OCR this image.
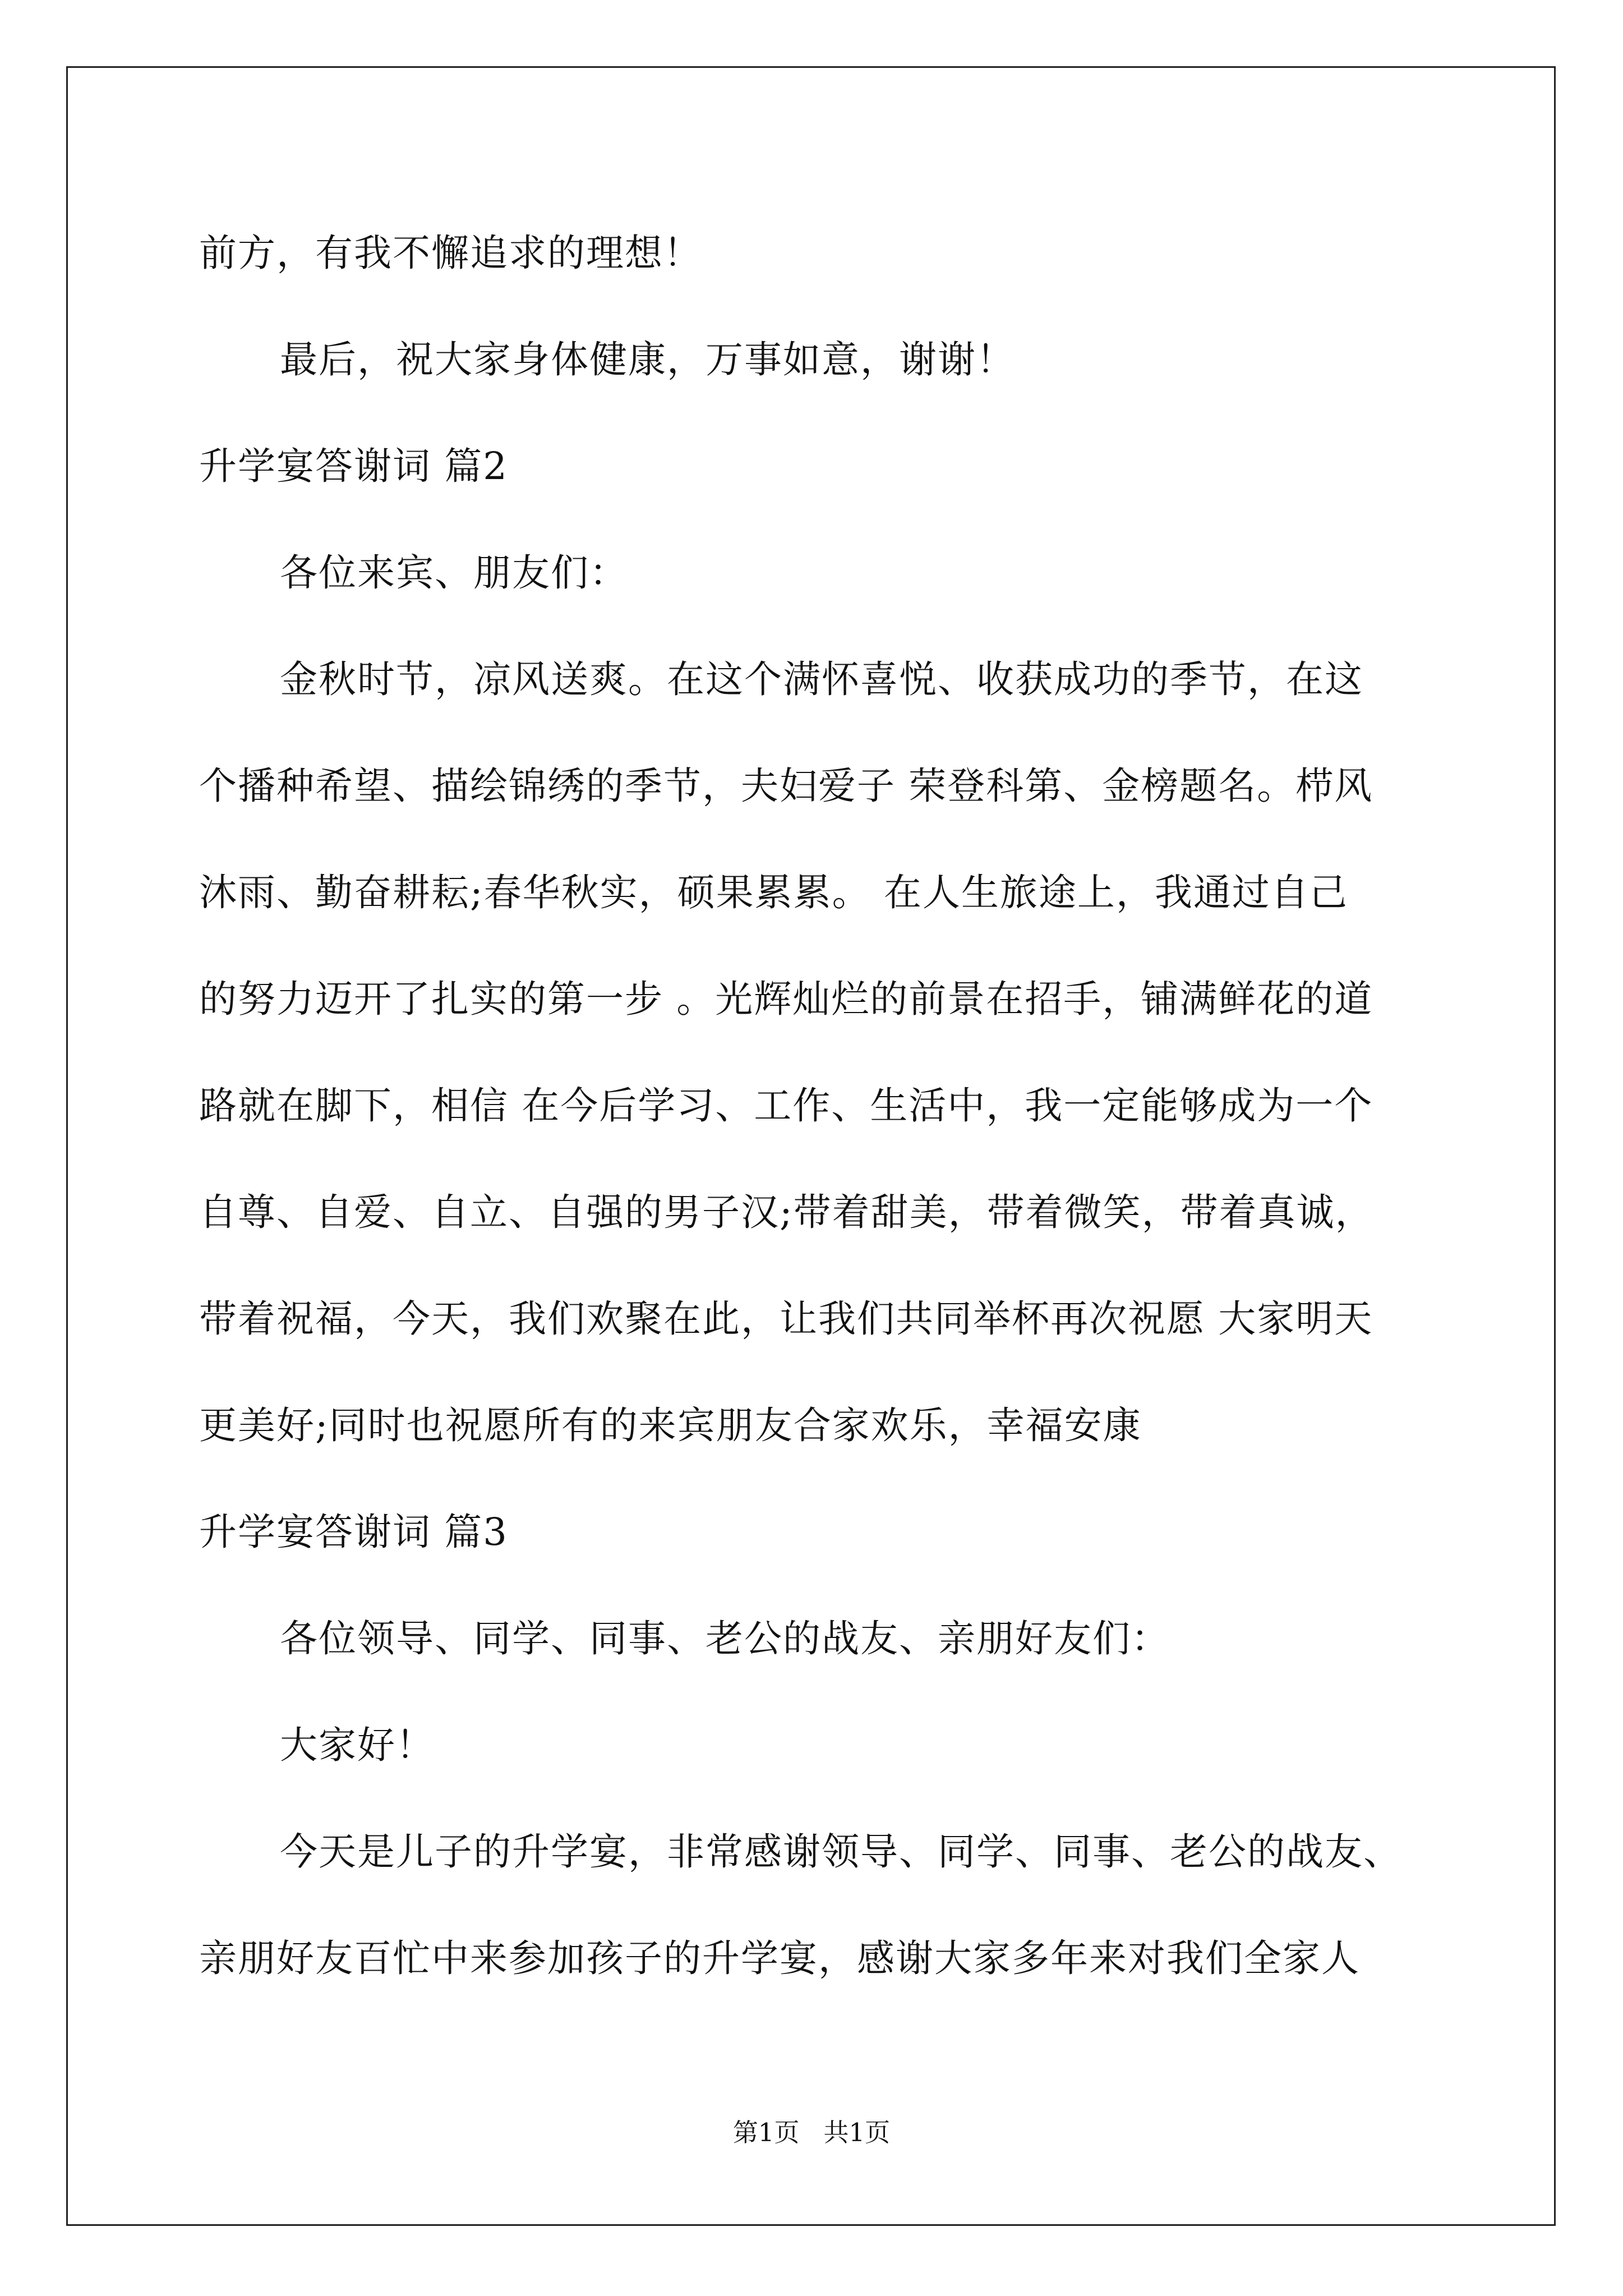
前方，有我不懈追求的理想！
最后，祝大家身体健康，万事如意，谢谢！
升学宴答谢词 篇2
各位来宾、朋友们：
金秋时节，凉风送爽。在这个满怀喜悦、收获成功的季节，在这
个播种希望、描绘锦绣的季节，夫妇爱子 荣登科第、金榜题名。栉风
沐雨、勤奋耕耘;春华秋实，硕果累累。 在人生旅途上，我通过自己
的努力迈开了扎实的第一步 。光辉灿烂的前景在招手，铺满鲜花的道
路就在脚下，相信 在今后学习、工作、生活中，我一定能够成为一个
自尊、自爱、自立、自强的男子汉;带着甜美，带着微笑，带着真诚，
带着祝福，今天，我们欢聚在此，让我们共同举杯再次祝愿 大家明天
更美好;同时也祝愿所有的来宾朋友合家欢乐，幸福安康
升学宴答谢词 篇3
各位领导、同学、同事、老公的战友、亲朋好友们：
大家好！
今天是儿子的升学宴，非常感谢领导、同学、同事、老公的战友、
亲朋好友百忙中来参加孩子的升学宴，感谢大家多年来对我们全家人
第1页   共1页
